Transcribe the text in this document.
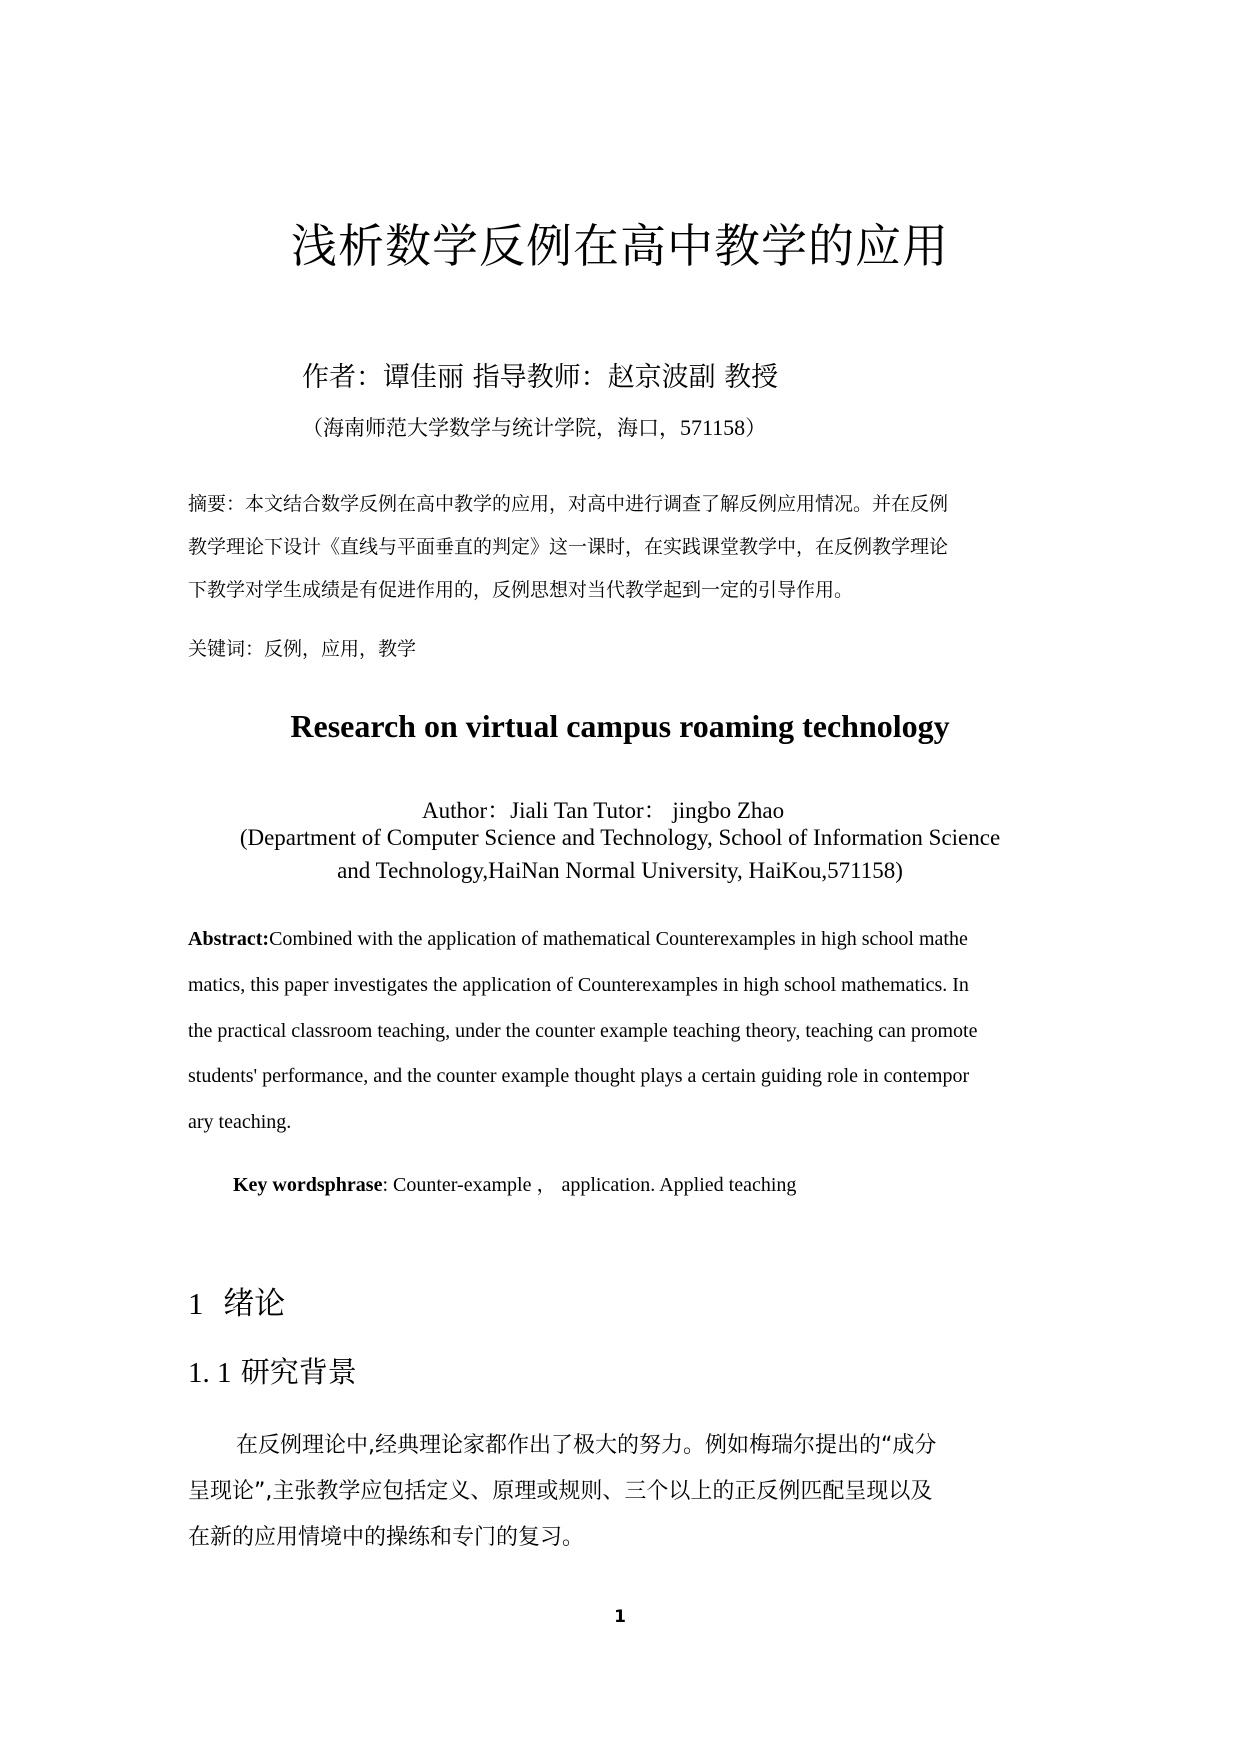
浅析数学反例在高中教学的应用
作者：谭佳丽 指导教师：赵京波副 教授
（海南师范大学数学与统计学院，海口，571158）
摘要：本文结合数学反例在高中教学的应用，对高中进行调查了解反例应用情况。并在反例
教学理论下设计《直线与平面垂直的判定》这一课时，在实践课堂教学中，在反例教学理论
下教学对学生成绩是有促进作用的，反例思想对当代教学起到一定的引导作用。
关键词：反例，应用，教学
Research on virtual campus roaming technology
Author：Jiali Tan Tutor： jingbo Zhao
(Department of Computer Science and Technology, School of Information Science
and Technology,HaiNan Normal University, HaiKou,571158)
Abstract:Combined with the application of mathematical Counterexamples in high school mathe
matics, this paper investigates the application of Counterexamples in high school mathematics. In
the practical classroom teaching, under the counter example teaching theory, teaching can promote
students' performance, and the counter example thought plays a certain guiding role in contempor
ary teaching.
Key wordsphrase: Counter-example ， application. Applied teaching
1 绪论
1. 1 研究背景
在反例理论中,经典理论家都作出了极大的努力。例如梅瑞尔提出的“成分
呈现论”,主张教学应包括定义、原理或规则、三个以上的正反例匹配呈现以及
在新的应用情境中的操练和专门的复习。
1
